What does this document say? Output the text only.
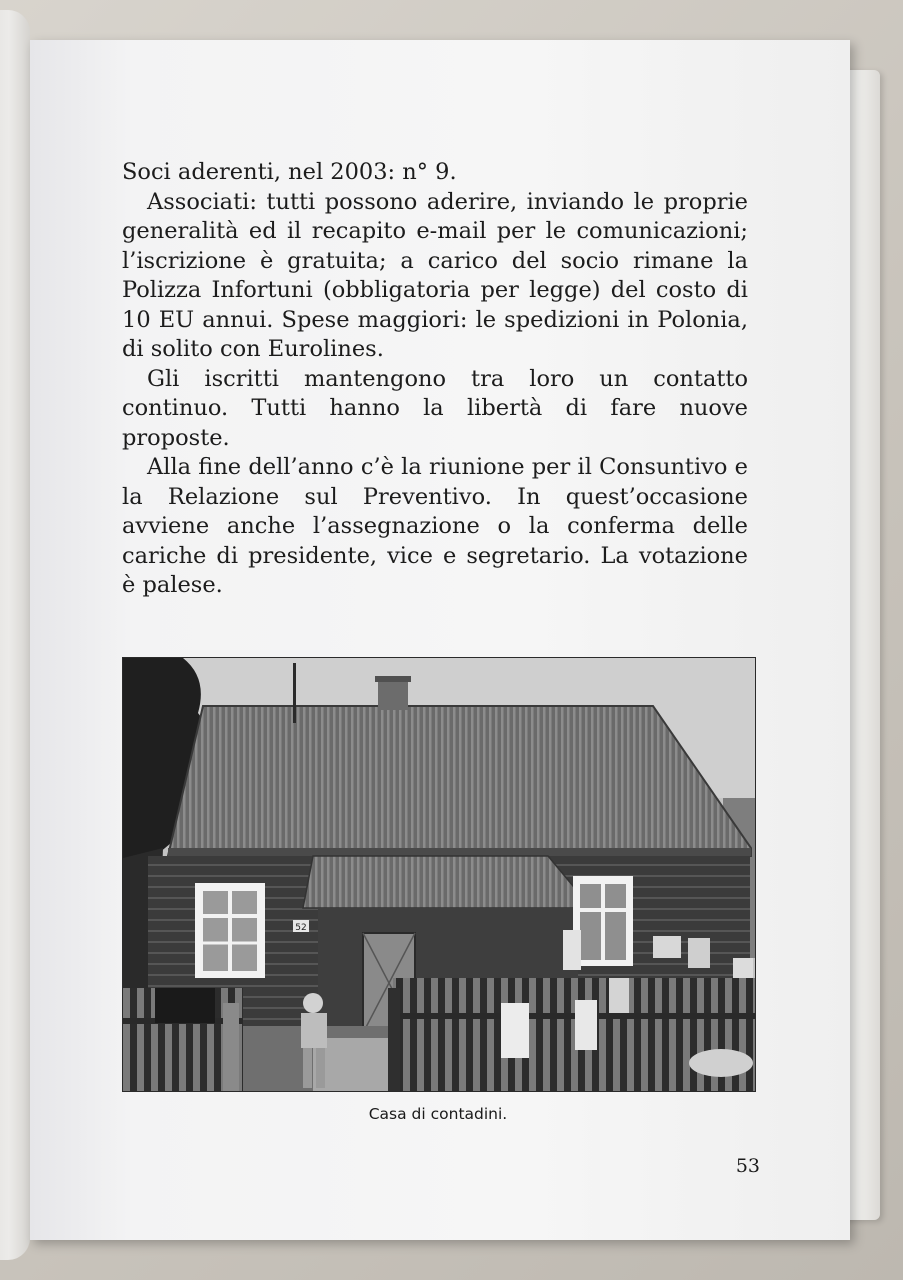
Soci aderenti, nel 2003: n° 9.

Associati: tutti possono aderire, inviando le proprie generalità ed il recapito e-mail per le comunicazioni; l’iscrizione è gratuita; a carico del socio rimane la Polizza Infortuni (obbligatoria per legge) del costo di 10 EU annui. Spese maggiori: le spedizioni in Polonia, di solito con Eurolines.

Gli iscritti mantengono tra loro un contatto continuo. Tutti hanno la libertà di fare nuove proposte.

Alla fine dell’anno c’è la riunione per il Consuntivo e la Relazione sul Preventivo. In quest’occasione avviene anche l’assegnazione o la conferma delle cariche di presidente, vice e segretario. La votazione è palese.

52
Casa di contadini.
53
